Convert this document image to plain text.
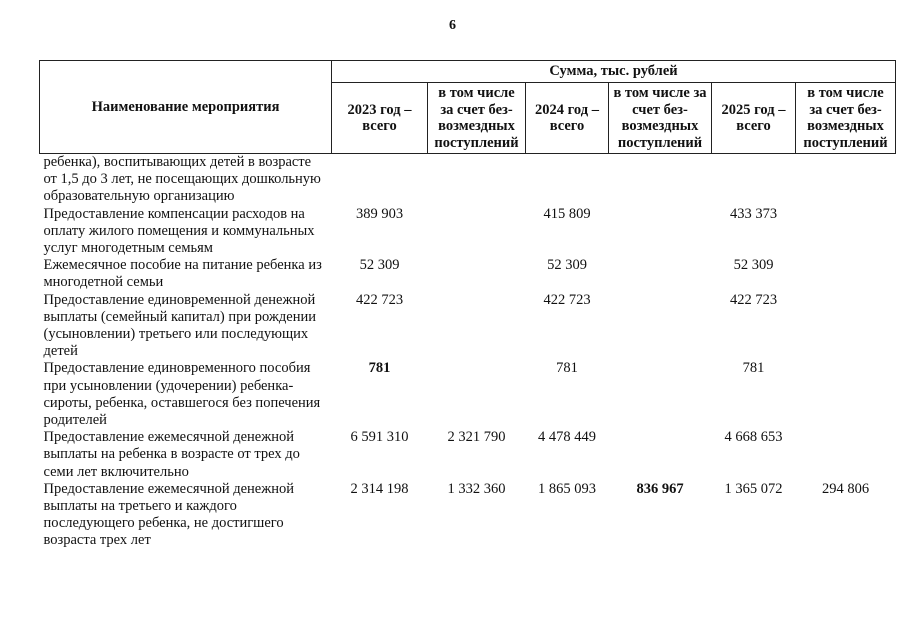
6
Наименование мероприятия	Сумма, тыс. рублей					
	2023 год – всего	в том числе за счет без-возмездных поступлений	2024 год – всего	в том числе за счет без-возмездных поступлений	2025 год – всего	в том числе за счет без-возмездных поступлений
ребенка), воспитывающих детей в возрасте от 1,5 до 3 лет, не посещающих дошкольную образовательную организацию						
Предоставление компенсации расходов на оплату жилого помещения и коммунальных услуг многодетным семьям	389 903		415 809		433 373	
Ежемесячное пособие на питание ребенка из многодетной семьи	52 309		52 309		52 309	
Предоставление единовременной денежной выплаты (семейный капитал) при рождении (усыновлении) третьего или последующих детей	422 723		422 723		422 723	
Предоставление единовременного пособия при усыновлении (удочерении) ребенка-сироты, ребенка, оставшегося без попечения родителей	781		781		781	
Предоставление ежемесячной денежной выплаты на ребенка в возрасте от трех до семи лет включительно	6 591 310	2 321 790	4 478 449		4 668 653	
Предоставление ежемесячной денежной выплаты на третьего и каждого последующего ребенка, не достигшего возраста трех лет	2 314 198	1 332 360	1 865 093	836 967	1 365 072	294 806
